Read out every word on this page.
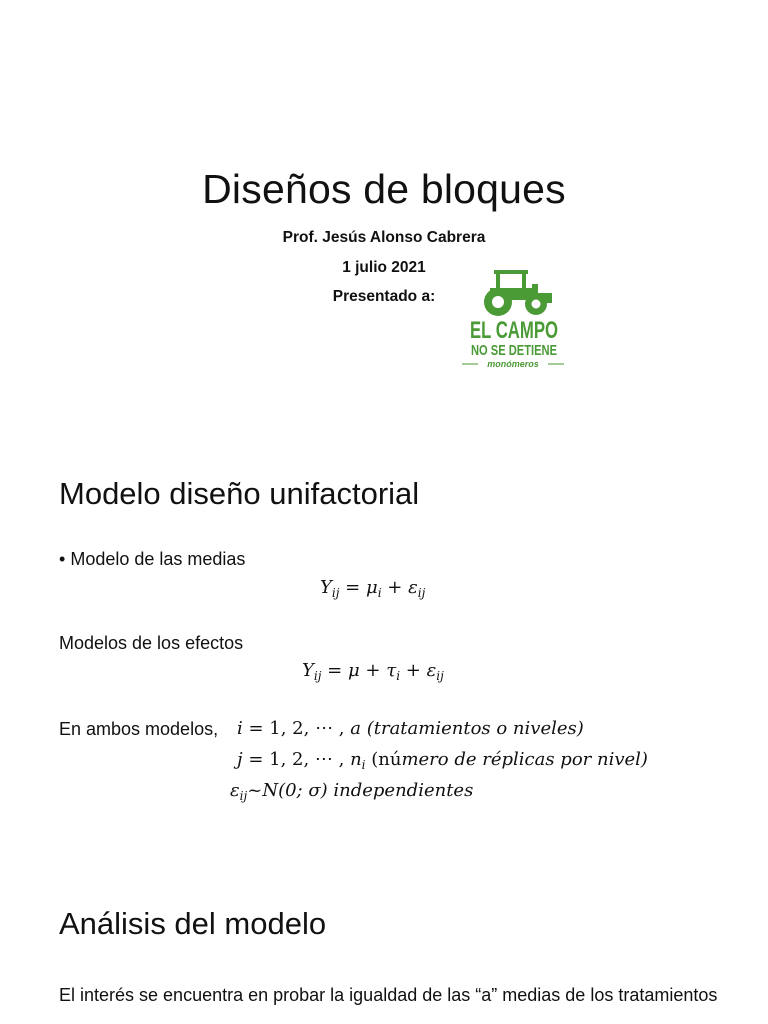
Diseños de bloques
Prof. Jesús Alonso Cabrera
1 julio 2021
Presentado a:
EL CAMPO
NO SE DETIENE
monómeros
Modelo diseño unifactorial
• Modelo de las medias
$Y_{ij} = \mu_i + \varepsilon_{ij}$
Modelos de los efectos
$Y_{ij} = \mu + \tau_i + \varepsilon_{ij}$
En ambos modelos, i = 1, 2, ⋯ , a (tratamientos o niveles)
j = 1, 2, ⋯ , $n_i$ (número de réplicas por nivel)
$\varepsilon_{ij}\sim N(0$; σ) independientes
Análisis del modelo
El interés se encuentra en probar la igualdad de las “a” medias de los tratamientos
